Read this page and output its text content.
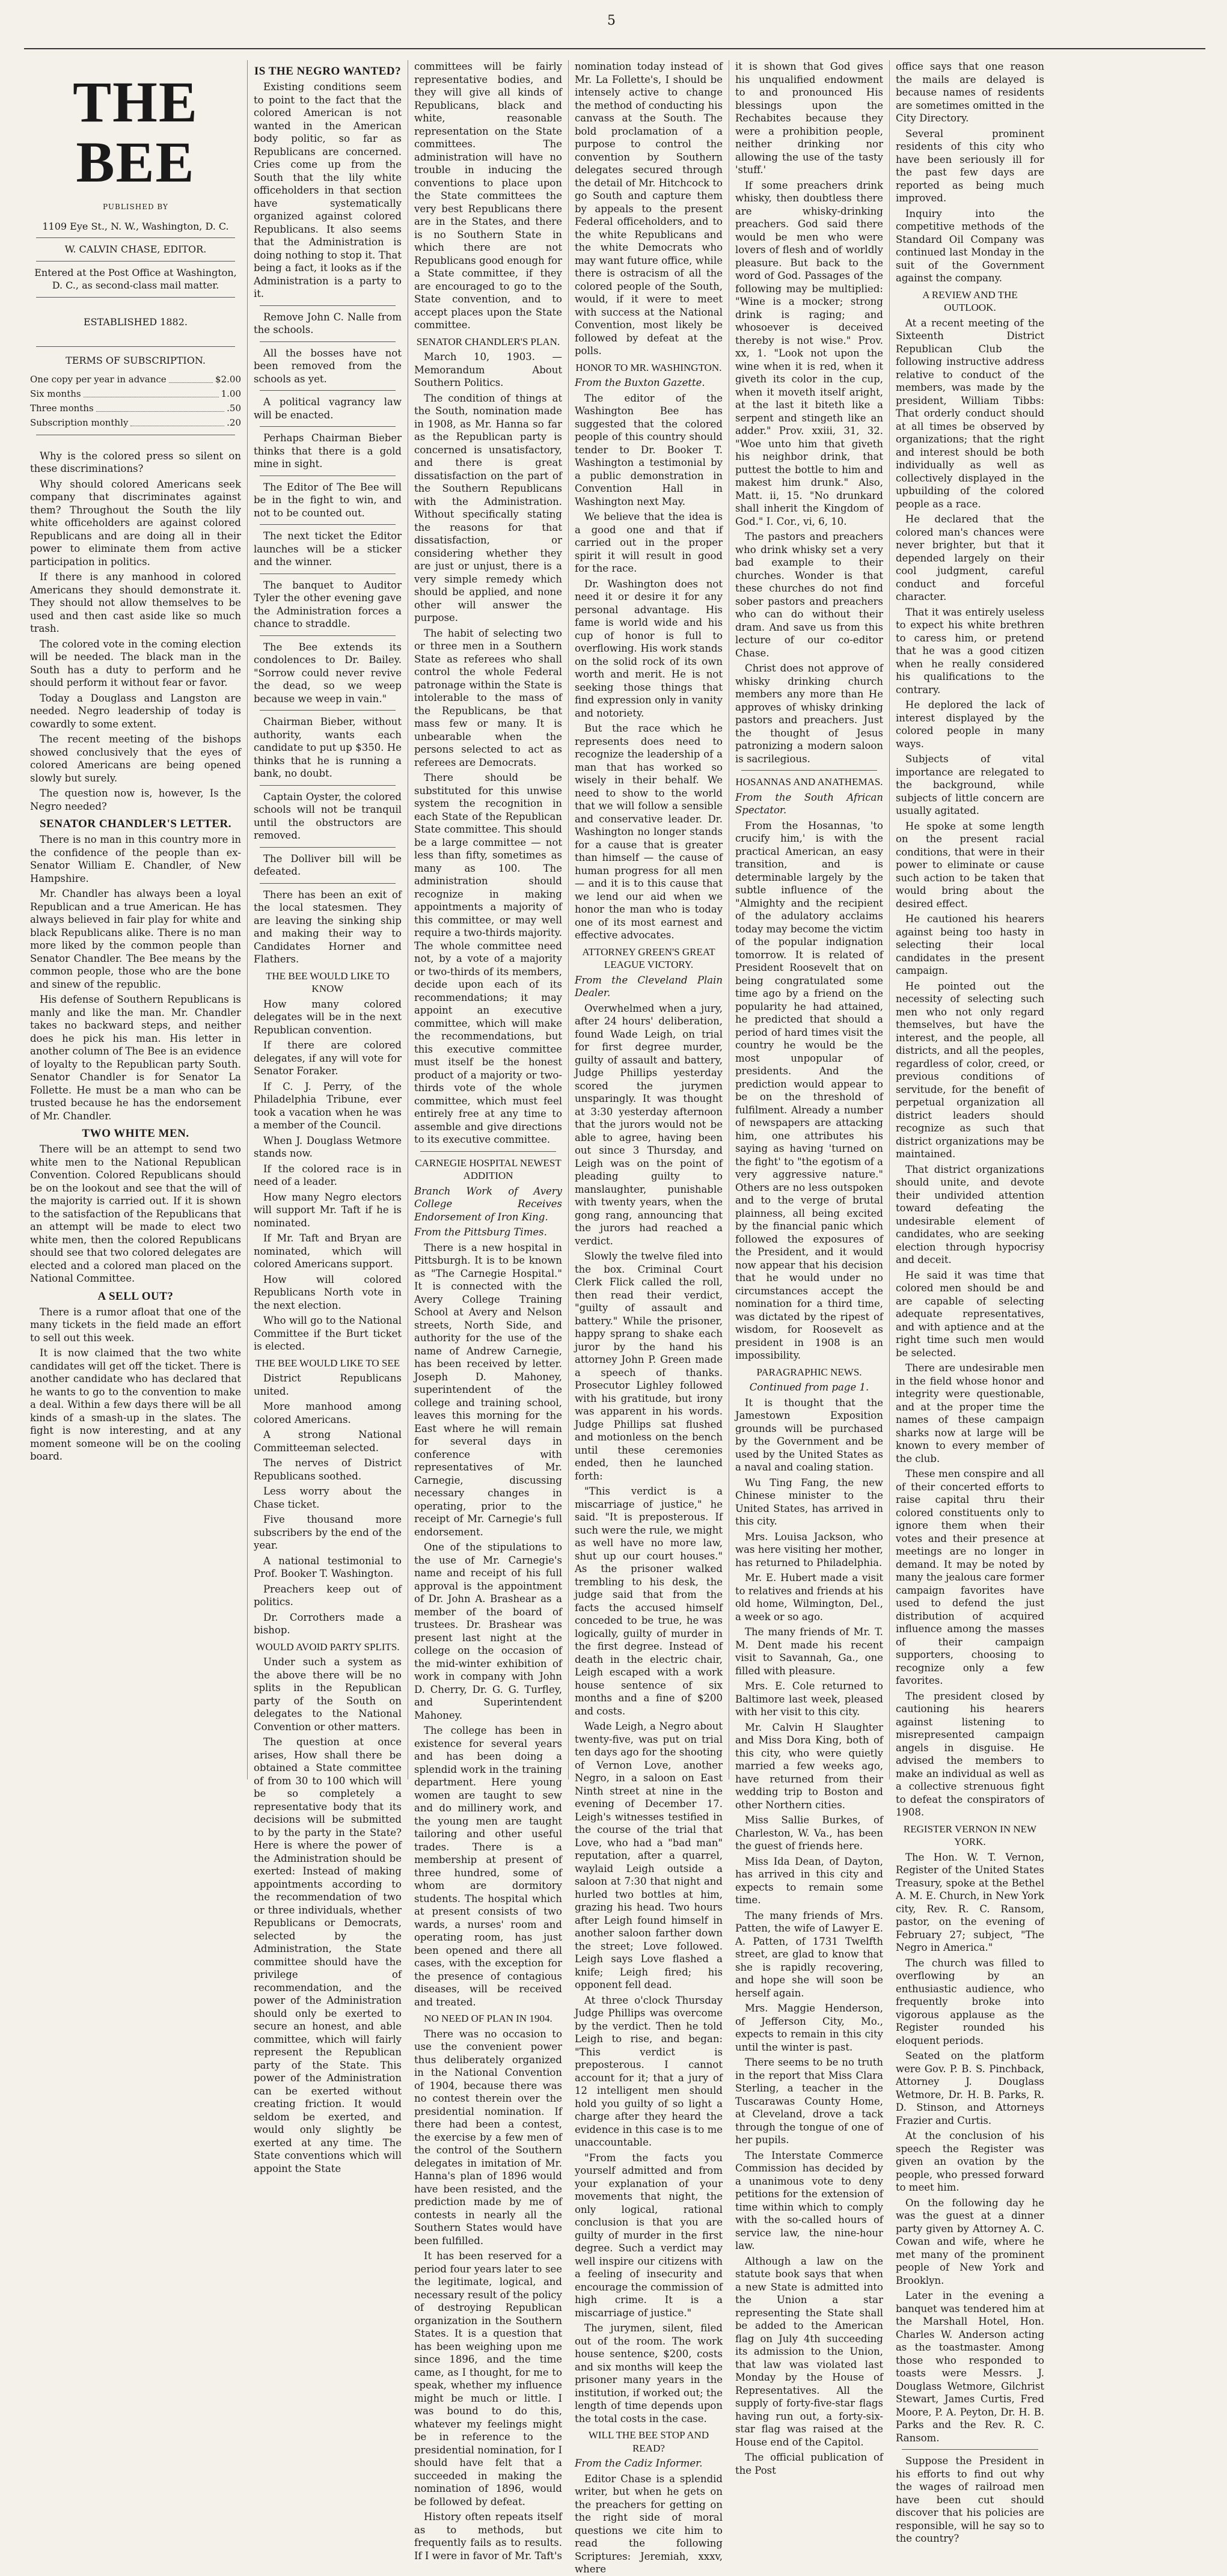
5
THE BEE
PUBLISHED BY

1109 Eye St., N. W., Washington, D. C.

W. CALVIN CHASE, EDITOR.

Entered at the Post Office at Washington, D. C., as second-class mail matter.

ESTABLISHED 1882.

TERMS OF SUBSCRIPTION.
One copy per year in advance	$2.00
Six months	1.00
Three months	.50
Subscription monthly	.20

Why is the colored press so silent on these discriminations?

Why should colored Americans seek company that discriminates against them? Throughout the South the lily white officeholders are against colored Republicans and are doing all in their power to eliminate them from active participation in politics.

If there is any manhood in colored Americans they should demonstrate it. They should not allow themselves to be used and then cast aside like so much trash.

The colored vote in the coming election will be needed. The black man in the South has a duty to perform and he should perform it without fear or favor.

Today a Douglass and Langston are needed. Negro leadership of today is cowardly to some extent.

The recent meeting of the bishops showed conclusively that the eyes of colored Americans are being opened slowly but surely.

The question now is, however, Is the Negro needed?

SENATOR CHANDLER'S LETTER.

There is no man in this country more in the confidence of the people than ex-Senator William E. Chandler, of New Hampshire.

Mr. Chandler has always been a loyal Republican and a true American. He has always believed in fair play for white and black Republicans alike. There is no man more liked by the common people than Senator Chandler. The Bee means by the common people, those who are the bone and sinew of the republic.

His defense of Southern Republicans is manly and like the man. Mr. Chandler takes no backward steps, and neither does he pick his man. His letter in another column of The Bee is an evidence of loyalty to the Republican party South. Senator Chandler is for Senator La Follette. He must be a man who can be trusted because he has the endorsement of Mr. Chandler.

TWO WHITE MEN.

There will be an attempt to send two white men to the National Republican Convention. Colored Republicans should be on the lookout and see that the will of the majority is carried out. If it is shown to the satisfaction of the Republicans that an attempt will be made to elect two white men, then the colored Republicans should see that two colored delegates are elected and a colored man placed on the National Committee.

A SELL OUT?

There is a rumor afloat that one of the many tickets in the field made an effort to sell out this week.

It is now claimed that the two white candidates will get off the ticket. There is another candidate who has declared that he wants to go to the convention to make a deal. Within a few days there will be all kinds of a smash-up in the slates. The fight is now interesting, and at any moment someone will be on the cooling board.

IS THE NEGRO WANTED?

Existing conditions seem to point to the fact that the colored American is not wanted in the American body politic, so far as Republicans are concerned. Cries come up from the South that the lily white officeholders in that section have systematically organized against colored Republicans. It also seems that the Administration is doing nothing to stop it. That being a fact, it looks as if the Administration is a party to it.

Remove John C. Nalle from the schools.

All the bosses have not been removed from the schools as yet.

A political vagrancy law will be enacted.

Perhaps Chairman Bieber thinks that there is a gold mine in sight.

The Editor of The Bee will be in the fight to win, and not to be counted out.

The next ticket the Editor launches will be a sticker and the winner.

The banquet to Auditor Tyler the other evening gave the Administration forces a chance to straddle.

The Bee extends its condolences to Dr. Bailey. "Sorrow could never revive the dead, so we weep because we weep in vain."

Chairman Bieber, without authority, wants each candidate to put up $350. He thinks that he is running a bank, no doubt.

Captain Oyster, the colored schools will not be tranquil until the obstructors are removed.

The Dolliver bill will be defeated.

There has been an exit of the local statesmen. They are leaving the sinking ship and making their way to Candidates Horner and Flathers.

THE BEE WOULD LIKE TO KNOW

How many colored delegates will be in the next Republican convention.

If there are colored delegates, if any will vote for Senator Foraker.

If C. J. Perry, of the Philadelphia Tribune, ever took a vacation when he was a member of the Council.

When J. Douglass Wetmore stands now.

If the colored race is in need of a leader.

How many Negro electors will support Mr. Taft if he is nominated.

If Mr. Taft and Bryan are nominated, which will colored Americans support.

How will colored Republicans North vote in the next election.

Who will go to the National Committee if the Burt ticket is elected.

THE BEE WOULD LIKE TO SEE

District Republicans united.

More manhood among colored Americans.

A strong National Committeeman selected.

The nerves of District Republicans soothed.

Less worry about the Chase ticket.

Five thousand more subscribers by the end of the year.

A national testimonial to Prof. Booker T. Washington.

Preachers keep out of politics.

Dr. Corrothers made a bishop.

WOULD AVOID PARTY SPLITS.

Under such a system as the above there will be no splits in the Republican party of the South on delegates to the National Convention or other matters.

The question at once arises, How shall there be obtained a State committee of from 30 to 100 which will be so completely a representative body that its decisions will be submitted to by the party in the State? Here is where the power of the Administration should be exerted: Instead of making appointments according to the recommendation of two or three individuals, whether Republicans or Democrats, selected by the Administration, the State committee should have the privilege of recommendation, and the power of the Administration should only be exerted to secure an honest, and able committee, which will fairly represent the Republican party of the State. This power of the Administration can be exerted without creating friction. It would seldom be exerted, and would only slightly be exerted at any time. The State conventions which will appoint the State

committees will be fairly representative bodies, and they will give all kinds of Republicans, black and white, reasonable representation on the State committees. The administration will have no trouble in inducing the conventions to place upon the State committees the very best Republicans there are in the States, and there is no Southern State in which there are not Republicans good enough for a State committee, if they are encouraged to go to the State convention, and to accept places upon the State committee.

SENATOR CHANDLER'S PLAN.

March 10, 1903. — Memorandum About Southern Politics.

The condition of things at the South, nomination made in 1908, as Mr. Hanna so far as the Republican party is concerned is unsatisfactory, and there is great dissatisfaction on the part of the Southern Republicans with the Administration. Without specifically stating the reasons for that dissatisfaction, or considering whether they are just or unjust, there is a very simple remedy which should be applied, and none other will answer the purpose.

The habit of selecting two or three men in a Southern State as referees who shall control the whole Federal patronage within the State is intolerable to the mass of the Republicans, be that mass few or many. It is unbearable when the persons selected to act as referees are Democrats.

There should be substituted for this unwise system the recognition in each State of the Republican State committee. This should be a large committee — not less than fifty, sometimes as many as 100. The administration should recognize in making appointments a majority of this committee, or may well require a two-thirds majority. The whole committee need not, by a vote of a majority or two-thirds of its members, decide upon each of its recommendations; it may appoint an executive committee, which will make the recommendations, but this executive committee must itself be the honest product of a majority or two-thirds vote of the whole committee, which must feel entirely free at any time to assemble and give directions to its executive committee.

CARNEGIE HOSPITAL NEWEST ADDITION

Branch Work of Avery College Receives Endorsement of Iron King.

From the Pittsburg Times.

There is a new hospital in Pittsburgh. It is to be known as "The Carnegie Hospital." It is connected with the Avery College Training School at Avery and Nelson streets, North Side, and authority for the use of the name of Andrew Carnegie, has been received by letter. Joseph D. Mahoney, superintendent of the college and training school, leaves this morning for the East where he will remain for several days in conference with representatives of Mr. Carnegie, discussing necessary changes in operating, prior to the receipt of Mr. Carnegie's full endorsement.

One of the stipulations to the use of Mr. Carnegie's name and receipt of his full approval is the appointment of Dr. John A. Brashear as a member of the board of trustees. Dr. Brashear was present last night at the college on the occasion of the mid-winter exhibition of work in company with John D. Cherry, Dr. G. G. Turfley, and Superintendent Mahoney.

The college has been in existence for several years and has been doing a splendid work in the training department. Here young women are taught to sew and do millinery work, and the young men are taught tailoring and other useful trades. There is a membership at present of three hundred, some of whom are dormitory students. The hospital which at present consists of two wards, a nurses' room and operating room, has just been opened and there all cases, with the exception for the presence of contagious diseases, will be received and treated.

NO NEED OF PLAN IN 1904.

There was no occasion to use the convenient power thus deliberately organized in the National Convention of 1904, because there was no contest therein over the presidential nomination. If there had been a contest, the exercise by a few men of the control of the Southern delegates in imitation of Mr. Hanna's plan of 1896 would have been resisted, and the prediction made by me of contests in nearly all the Southern States would have been fulfilled.

It has been reserved for a period four years later to see the legitimate, logical, and necessary result of the policy of destroying Republican organization in the Southern States. It is a question that has been weighing upon me since 1896, and the time came, as I thought, for me to speak, whether my influence might be much or little. I was bound to do this, whatever my feelings might be in reference to the presidential nomination, for I should have felt that a succeeded in making the nomination of 1896, would be followed by defeat.

History often repeats itself as to methods, but frequently fails as to results. If I were in favor of Mr. Taft's

nomination today instead of Mr. La Follette's, I should be intensely active to change the method of conducting his canvass at the South. The bold proclamation of a purpose to control the convention by Southern delegates secured through the detail of Mr. Hitchcock to go South and capture them by appeals to the present Federal officeholders, and to the white Republicans and the white Democrats who may want future office, while there is ostracism of all the colored people of the South, would, if it were to meet with success at the National Convention, most likely be followed by defeat at the polls.

HONOR TO MR. WASHINGTON.

From the Buxton Gazette.

The editor of the Washington Bee has suggested that the colored people of this country should tender to Dr. Booker T. Washington a testimonial by a public demonstration in Convention Hall in Washington next May.

We believe that the idea is a good one and that if carried out in the proper spirit it will result in good for the race.

Dr. Washington does not need it or desire it for any personal advantage. His fame is world wide and his cup of honor is full to overflowing. His work stands on the solid rock of its own worth and merit. He is not seeking those things that find expression only in vanity and notoriety.

But the race which he represents does need to recognize the leadership of a man that has worked so wisely in their behalf. We need to show to the world that we will follow a sensible and conservative leader. Dr. Washington no longer stands for a cause that is greater than himself — the cause of human progress for all men — and it is to this cause that we lend our aid when we honor the man who is today one of its most earnest and effective advocates.

ATTORNEY GREEN'S GREAT LEAGUE VICTORY.

From the Cleveland Plain Dealer.

Overwhelmed when a jury, after 24 hours' deliberation, found Wade Leigh, on trial for first degree murder, guilty of assault and battery, Judge Phillips yesterday scored the jurymen unsparingly. It was thought at 3:30 yesterday afternoon that the jurors would not be able to agree, having been out since 3 Thursday, and Leigh was on the point of pleading guilty to manslaughter, punishable with twenty years, when the gong rang, announcing that the jurors had reached a verdict.

Slowly the twelve filed into the box. Criminal Court Clerk Flick called the roll, then read their verdict, "guilty of assault and battery." While the prisoner, happy sprang to shake each juror by the hand his attorney John P. Green made a speech of thanks. Prosecutor Lighley followed with his gratitude, but irony was apparent in his words. Judge Phillips sat flushed and motionless on the bench until these ceremonies ended, then he launched forth:

"This verdict is a miscarriage of justice," he said. "It is preposterous. If such were the rule, we might as well have no more law, shut up our court houses." As the prisoner walked trembling to his desk, the judge said that from the facts the accused himself conceded to be true, he was logically, guilty of murder in the first degree. Instead of death in the electric chair, Leigh escaped with a work house sentence of six months and a fine of $200 and costs.

Wade Leigh, a Negro about twenty-five, was put on trial ten days ago for the shooting of Vernon Love, another Negro, in a saloon on East Ninth street at nine in the evening of December 17. Leigh's witnesses testified in the course of the trial that Love, who had a "bad man" reputation, after a quarrel, waylaid Leigh outside a saloon at 7:30 that night and hurled two bottles at him, grazing his head. Two hours after Leigh found himself in another saloon farther down the street; Love followed. Leigh says Love flashed a knife; Leigh fired; his opponent fell dead.

At three o'clock Thursday Judge Phillips was overcome by the verdict. Then he told Leigh to rise, and began: "This verdict is preposterous. I cannot account for it; that a jury of 12 intelligent men should hold you guilty of so light a charge after they heard the evidence in this case is to me unaccountable.

"From the facts you yourself admitted and from your explanation of your movements that night, the only logical, rational conclusion is that you are guilty of murder in the first degree. Such a verdict may well inspire our citizens with a feeling of insecurity and encourage the commission of high crime. It is a miscarriage of justice."

The jurymen, silent, filed out of the room. The work house sentence, $200, costs and six months will keep the prisoner many years in the institution, if worked out; the length of time depends upon the total costs in the case.

WILL THE BEE STOP AND READ?

From the Cadiz Informer.

Editor Chase is a splendid writer, but when he gets on the preachers for getting on the right side of moral questions we cite him to read the following Scriptures: Jeremiah, xxxv, where

it is shown that God gives his unqualified endowment to and pronounced His blessings upon the Rechabites because they were a prohibition people, neither drinking nor allowing the use of the tasty 'stuff.'

If some preachers drink whisky, then doubtless there are whisky-drinking preachers. God said there would be men who were lovers of flesh and of worldly pleasure. But back to the word of God. Passages of the following may be multiplied: "Wine is a mocker; strong drink is raging; and whosoever is deceived thereby is not wise." Prov. xx, 1. "Look not upon the wine when it is red, when it giveth its color in the cup, when it moveth itself aright, at the last it biteth like a serpent and stingeth like an adder." Prov. xxiii, 31, 32. "Woe unto him that giveth his neighbor drink, that puttest the bottle to him and makest him drunk." Also, Matt. ii, 15. "No drunkard shall inherit the Kingdom of God." I. Cor., vi, 6, 10.

The pastors and preachers who drink whisky set a very bad example to their churches. Wonder is that these churches do not find sober pastors and preachers who can do without their dram. And save us from this lecture of our co-editor Chase.

Christ does not approve of whisky drinking church members any more than He approves of whisky drinking pastors and preachers. Just the thought of Jesus patronizing a modern saloon is sacrilegious.

HOSANNAS AND ANATHEMAS.

From the South African Spectator.

From the Hosannas, 'to crucify him,' is with the practical American, an easy transition, and is determinable largely by the subtle influence of the "Almighty and the recipient of the adulatory acclaims today may become the victim of the popular indignation tomorrow. It is related of President Roosevelt that on being congratulated some time ago by a friend on the popularity he had attained, he predicted that should a period of hard times visit the country he would be the most unpopular of presidents. And the prediction would appear to be on the threshold of fulfilment. Already a number of newspapers are attacking him, one attributes his saying as having 'turned on the fight' to "the egotism of a very aggressive nature." Others are no less outspoken and to the verge of brutal plainness, all being excited by the financial panic which followed the exposures of the President, and it would now appear that his decision that he would under no circumstances accept the nomination for a third time, was dictated by the ripest of wisdom, for Roosevelt as president in 1908 is an impossibility.

PARAGRAPHIC NEWS.

Continued from page 1.

It is thought that the Jamestown Exposition grounds will be purchased by the Government and be used by the United States as a naval and coaling station.

Wu Ting Fang, the new Chinese minister to the United States, has arrived in this city.

Mrs. Louisa Jackson, who was here visiting her mother, has returned to Philadelphia.

Mr. E. Hubert made a visit to relatives and friends at his old home, Wilmington, Del., a week or so ago.

The many friends of Mr. T. M. Dent made his recent visit to Savannah, Ga., one filled with pleasure.

Mrs. E. Cole returned to Baltimore last week, pleased with her visit to this city.

Mr. Calvin H Slaughter and Miss Dora King, both of this city, who were quietly married a few weeks ago, have returned from their wedding trip to Boston and other Northern cities.

Miss Sallie Burkes, of Charleston, W. Va., has been the guest of friends here.

Miss Ida Dean, of Dayton, has arrived in this city and expects to remain some time.

The many friends of Mrs. Patten, the wife of Lawyer E. A. Patten, of 1731 Twelfth street, are glad to know that she is rapidly recovering, and hope she will soon be herself again.

Mrs. Maggie Henderson, of Jefferson City, Mo., expects to remain in this city until the winter is past.

There seems to be no truth in the report that Miss Clara Sterling, a teacher in the Tuscarawas County Home, at Cleveland, drove a tack through the tongue of one of her pupils.

The Interstate Commerce Commission has decided by a unanimous vote to deny petitions for the extension of time within which to comply with the so-called hours of service law, the nine-hour law.

Although a law on the statute book says that when a new State is admitted into the Union a star representing the State shall be added to the American flag on July 4th succeeding its admission to the Union, that law was violated last Monday by the House of Representatives. All the supply of forty-five-star flags having run out, a forty-six-star flag was raised at the House end of the Capitol.

The official publication of the Post

office says that one reason the mails are delayed is because names of residents are sometimes omitted in the City Directory.

Several prominent residents of this city who have been seriously ill for the past few days are reported as being much improved.

Inquiry into the competitive methods of the Standard Oil Company was continued last Monday in the suit of the Government against the company.

A REVIEW AND THE OUTLOOK.

At a recent meeting of the Sixteenth District Republican Club the following instructive address relative to conduct of the members, was made by the president, William Tibbs: That orderly conduct should at all times be observed by organizations; that the right and interest should be both individually as well as collectively displayed in the upbuilding of the colored people as a race.

He declared that the colored man's chances were never brighter, but that it depended largely on their cool judgment, careful conduct and forceful character.

That it was entirely useless to expect his white brethren to caress him, or pretend that he was a good citizen when he really considered his qualifications to the contrary.

He deplored the lack of interest displayed by the colored people in many ways.

Subjects of vital importance are relegated to the background, while subjects of little concern are usually agitated.

He spoke at some length on the present racial conditions, that were in their power to eliminate or cause such action to be taken that would bring about the desired effect.

He cautioned his hearers against being too hasty in selecting their local candidates in the present campaign.

He pointed out the necessity of selecting such men who not only regard themselves, but have the interest, and the people, all districts, and all the peoples, regardless of color, creed, or previous conditions of servitude, for the benefit of perpetual organization all district leaders should recognize as such that district organizations may be maintained.

That district organizations should unite, and devote their undivided attention toward defeating the undesirable element of candidates, who are seeking election through hypocrisy and deceit.

He said it was time that colored men should be and are capable of selecting adequate representatives, and with aptience and at the right time such men would be selected.

There are undesirable men in the field whose honor and integrity were questionable, and at the proper time the names of these campaign sharks now at large will be known to every member of the club.

These men conspire and all of their concerted efforts to raise capital thru their colored constituents only to ignore them when their votes and their presence at meetings are no longer in demand. It may be noted by many the jealous care former campaign favorites have used to defend the just distribution of acquired influence among the masses of their campaign supporters, choosing to recognize only a few favorites.

The president closed by cautioning his hearers against listening to misrepresented campaign angels in disguise. He advised the members to make an individual as well as a collective strenuous fight to defeat the conspirators of 1908.

REGISTER VERNON IN NEW YORK.

The Hon. W. T. Vernon, Register of the United States Treasury, spoke at the Bethel A. M. E. Church, in New York city, Rev. R. C. Ransom, pastor, on the evening of February 27; subject, "The Negro in America."

The church was filled to overflowing by an enthusiastic audience, who frequently broke into vigorous applause as the Register rounded his eloquent periods.

Seated on the platform were Gov. P. B. S. Pinchback, Attorney J. Douglass Wetmore, Dr. H. B. Parks, R. D. Stinson, and Attorneys Frazier and Curtis.

At the conclusion of his speech the Register was given an ovation by the people, who pressed forward to meet him.

On the following day he was the guest at a dinner party given by Attorney A. C. Cowan and wife, where he met many of the prominent people of New York and Brooklyn.

Later in the evening a banquet was tendered him at the Marshall Hotel, Hon. Charles W. Anderson acting as the toastmaster. Among those who responded to toasts were Messrs. J. Douglass Wetmore, Gilchrist Stewart, James Curtis, Fred Moore, P. A. Peyton, Dr. H. B. Parks and the Rev. R. C. Ransom.

Suppose the President in his efforts to find out why the wages of railroad men have been cut should discover that his policies are responsible, will he say so to the country?
